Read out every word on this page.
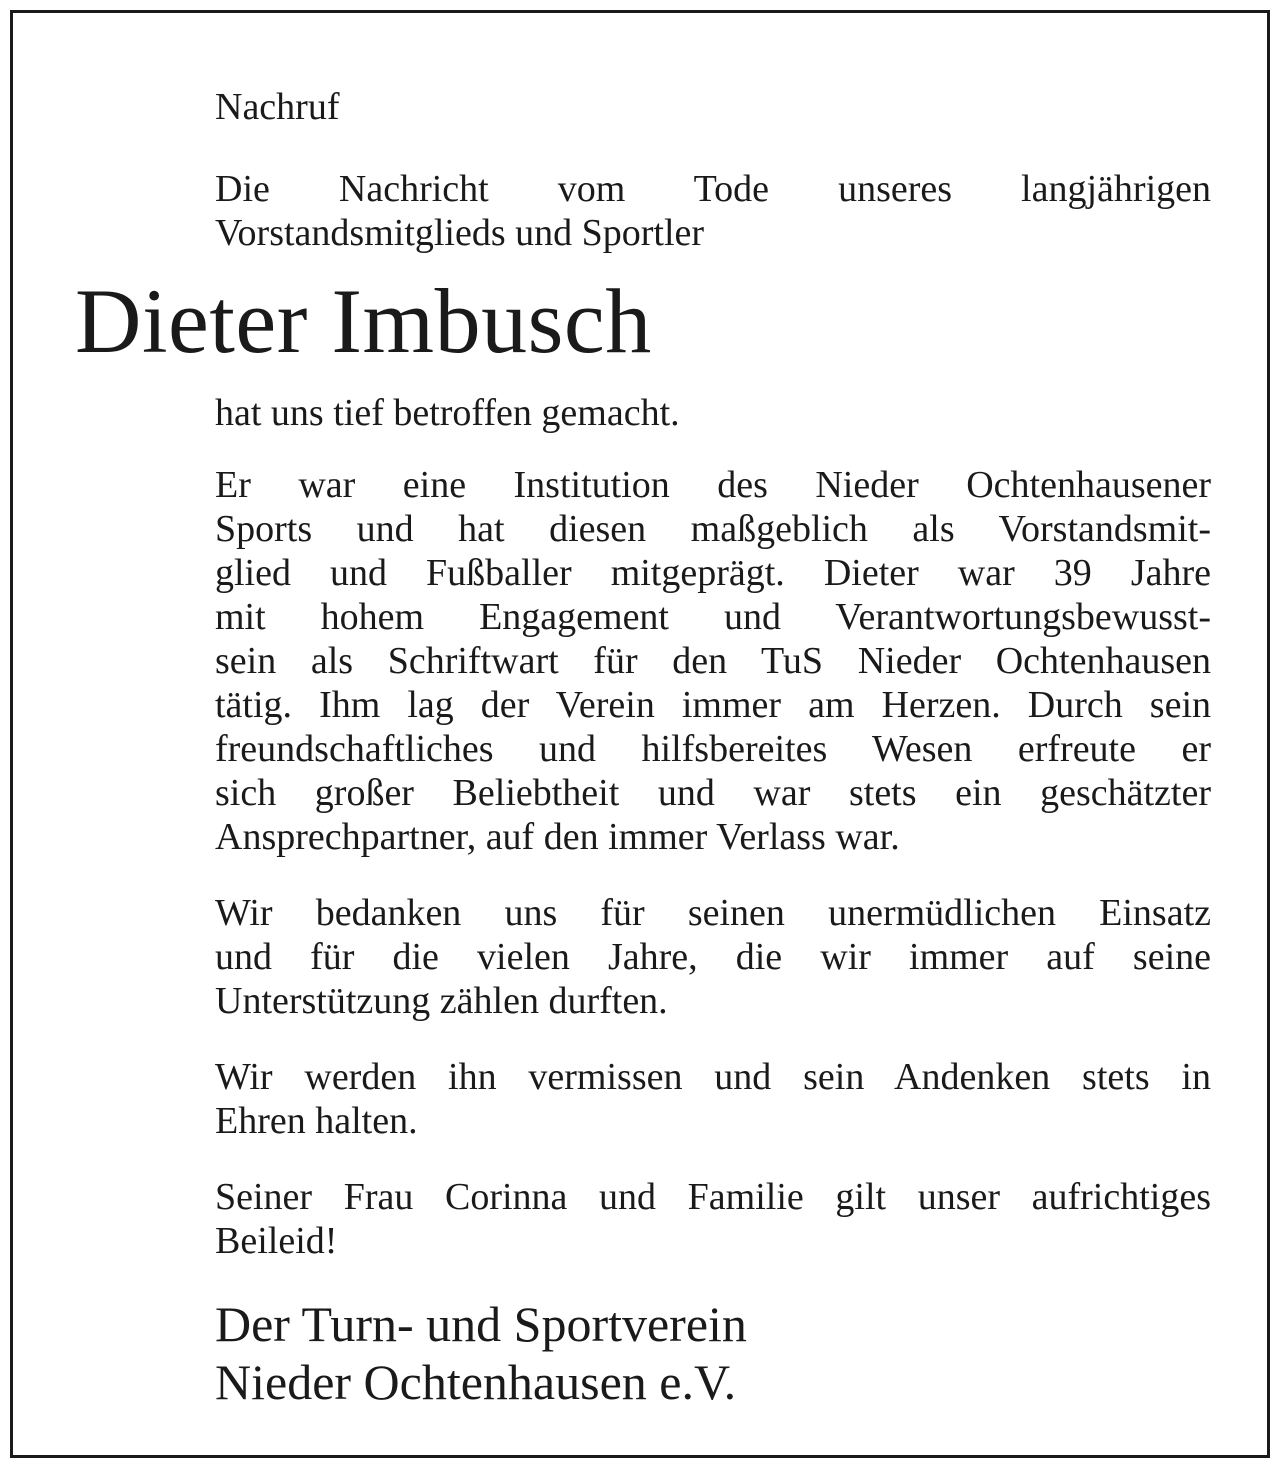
Nachruf
Die Nachricht vom Tode unseres langjährigen
Vorstandsmitglieds und Sportler
Dieter Imbusch
hat uns tief betroffen gemacht.
Er war eine Institution des Nieder Ochtenhausener
Sports und hat diesen maßgeblich als Vorstandsmit-
glied und Fußballer mitgeprägt. Dieter war 39 Jahre
mit hohem Engagement und Verantwortungsbewusst-
sein als Schriftwart für den TuS Nieder Ochtenhausen
tätig. Ihm lag der Verein immer am Herzen. Durch sein
freundschaftliches und hilfsbereites Wesen erfreute er
sich großer Beliebtheit und war stets ein geschätzter
Ansprechpartner, auf den immer Verlass war.
Wir bedanken uns für seinen unermüdlichen Einsatz
und für die vielen Jahre, die wir immer auf seine
Unterstützung zählen durften.
Wir werden ihn vermissen und sein Andenken stets in
Ehren halten.
Seiner Frau Corinna und Familie gilt unser aufrichtiges
Beileid!
Der Turn- und Sportverein
Nieder Ochtenhausen e.V.
